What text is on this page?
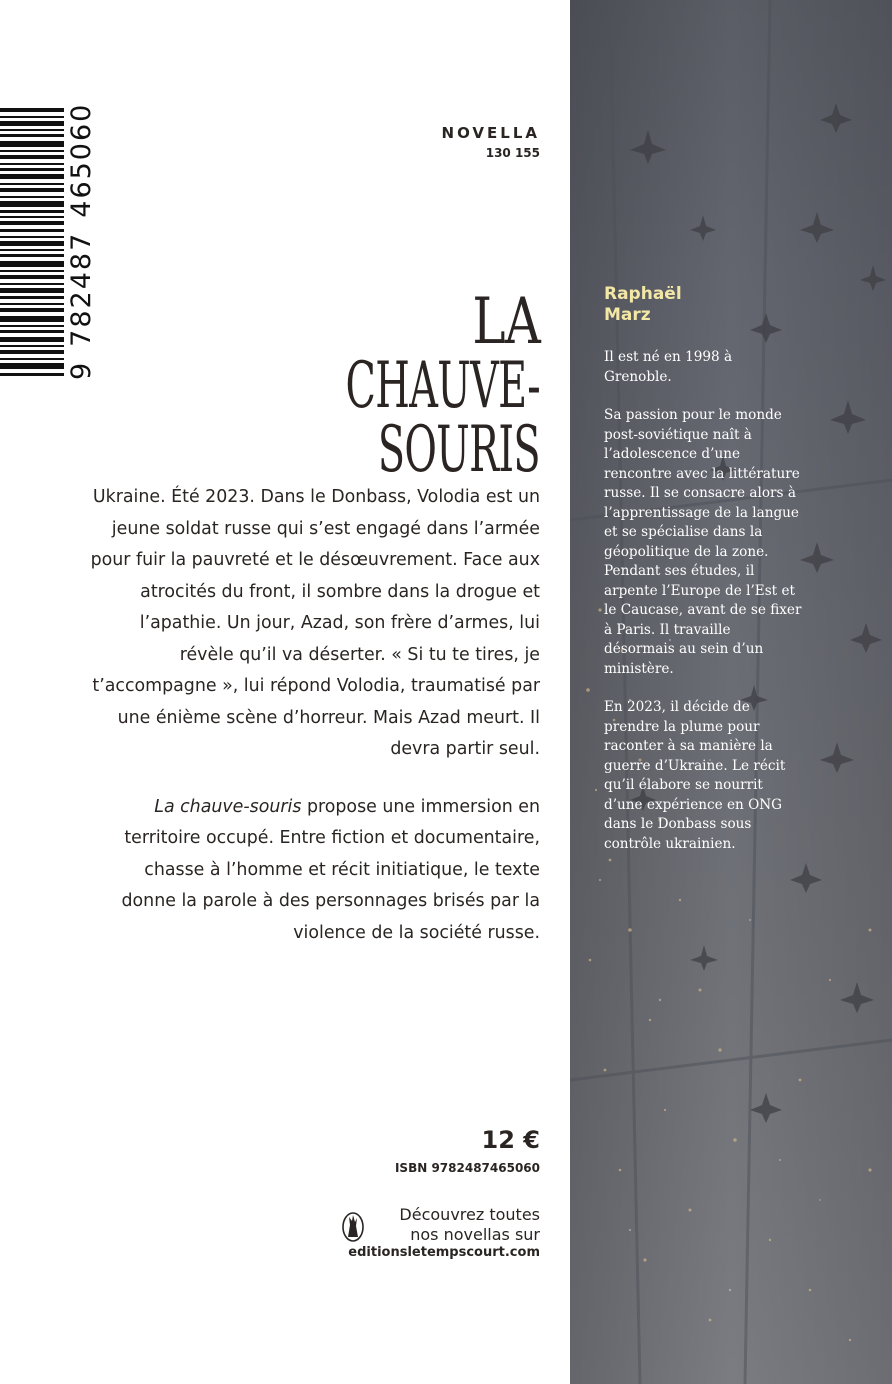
9
782487
465060	NOVELLA
130 155
LA
CHAUVE-SOURIS

Ukraine. Été 2023. Dans le Donbass, Volodia est un jeune soldat russe qui s’est engagé dans l’armée pour fuir la pauvreté et le désœuvrement. Face aux atrocités du front, il sombre dans la drogue et l’apathie. Un jour, Azad, son frère d’armes, lui révèle qu’il va déserter. « Si tu te tires, je t’accompagne », lui répond Volodia, traumatisé par une énième scène d’horreur. Mais Azad meurt. Il devra partir seul.

La chauve-souris propose une immersion en territoire occupé. Entre fiction et documentaire, chasse à l’homme et récit initiatique, le texte donne la parole à des personnages brisés par la violence de la société russe.

12 €
ISBN 9782487465060
Découvrez toutes
nos novellas sur
editionsletempscourt.com
Raphaël
Marz

Il est né en 1998 à Grenoble.

Sa passion pour le monde post-soviétique naît à l’adolescence d’une rencontre avec la littérature russe. Il se consacre alors à l’apprentissage de la langue et se spécialise dans la géopolitique de la zone. Pendant ses études, il arpente l’Europe de l’Est et le Caucase, avant de se fixer à Paris. Il travaille désormais au sein d’un ministère.

En 2023, il décide de prendre la plume pour raconter à sa manière la guerre d’Ukraine. Le récit qu’il élabore se nourrit d’une expérience en ONG dans le Donbass sous contrôle ukrainien.
